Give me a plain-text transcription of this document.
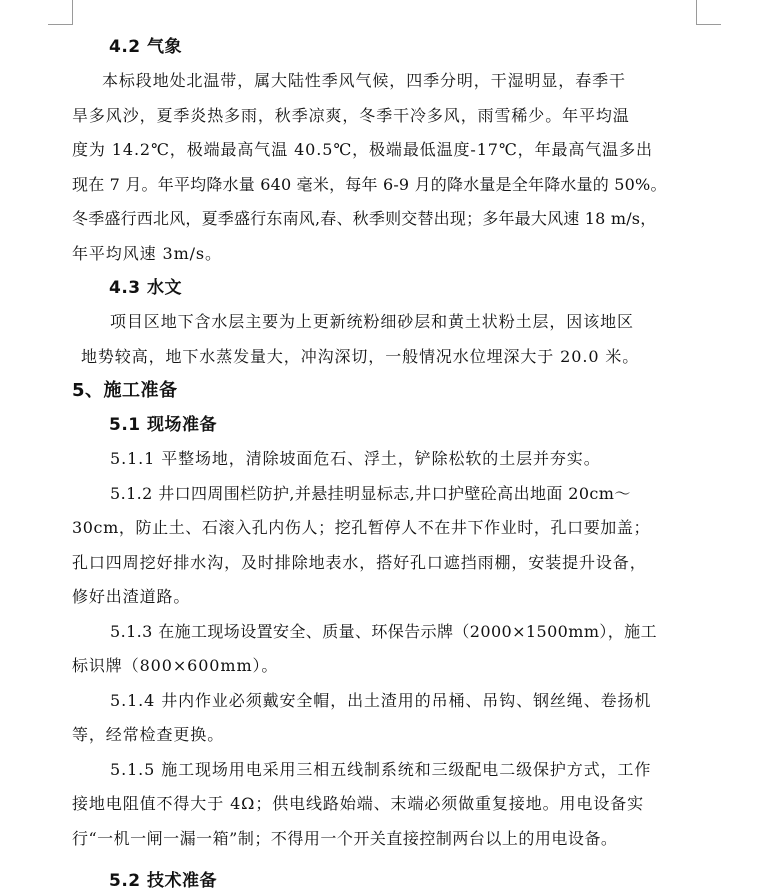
4.2 气象
本标段地处北温带，属大陆性季风气候，四季分明，干湿明显，春季干
旱多风沙，夏季炎热多雨，秋季凉爽，冬季干冷多风，雨雪稀少。年平均温
度为 14.2℃，极端最高气温 40.5℃，极端最低温度-17℃，年最高气温多出
现在 7 月。年平均降水量 640 毫米，每年 6-9 月的降水量是全年降水量的 50%。
冬季盛行西北风，夏季盛行东南风,春、秋季则交替出现；多年最大风速 18 m/s，
年平均风速 3m/s。
4.3 水文
项目区地下含水层主要为上更新统粉细砂层和黄土状粉土层，因该地区
地势较高，地下水蒸发量大，冲沟深切，一般情况水位埋深大于 20.0 米。
5、施工准备
5.1 现场准备
5.1.1 平整场地，清除坡面危石、浮土，铲除松软的土层并夯实。
5.1.2 井口四周围栏防护,并悬挂明显标志,井口护壁砼高出地面 20cm～
30cm，防止土、石滚入孔内伤人；挖孔暂停人不在井下作业时，孔口要加盖；
孔口四周挖好排水沟，及时排除地表水，搭好孔口遮挡雨棚，安装提升设备，
修好出渣道路。
5.1.3 在施工现场设置安全、质量、环保告示牌（2000×1500mm），施工
标识牌（800×600mm）。
5.1.4 井内作业必须戴安全帽，出土渣用的吊桶、吊钩、钢丝绳、卷扬机
等，经常检查更换。
5.1.5 施工现场用电采用三相五线制系统和三级配电二级保护方式，工作
接地电阻值不得大于 4Ω；供电线路始端、末端必须做重复接地。用电设备实
行“一机一闸一漏一箱”制；不得用一个开关直接控制两台以上的用电设备。
5.2 技术准备
